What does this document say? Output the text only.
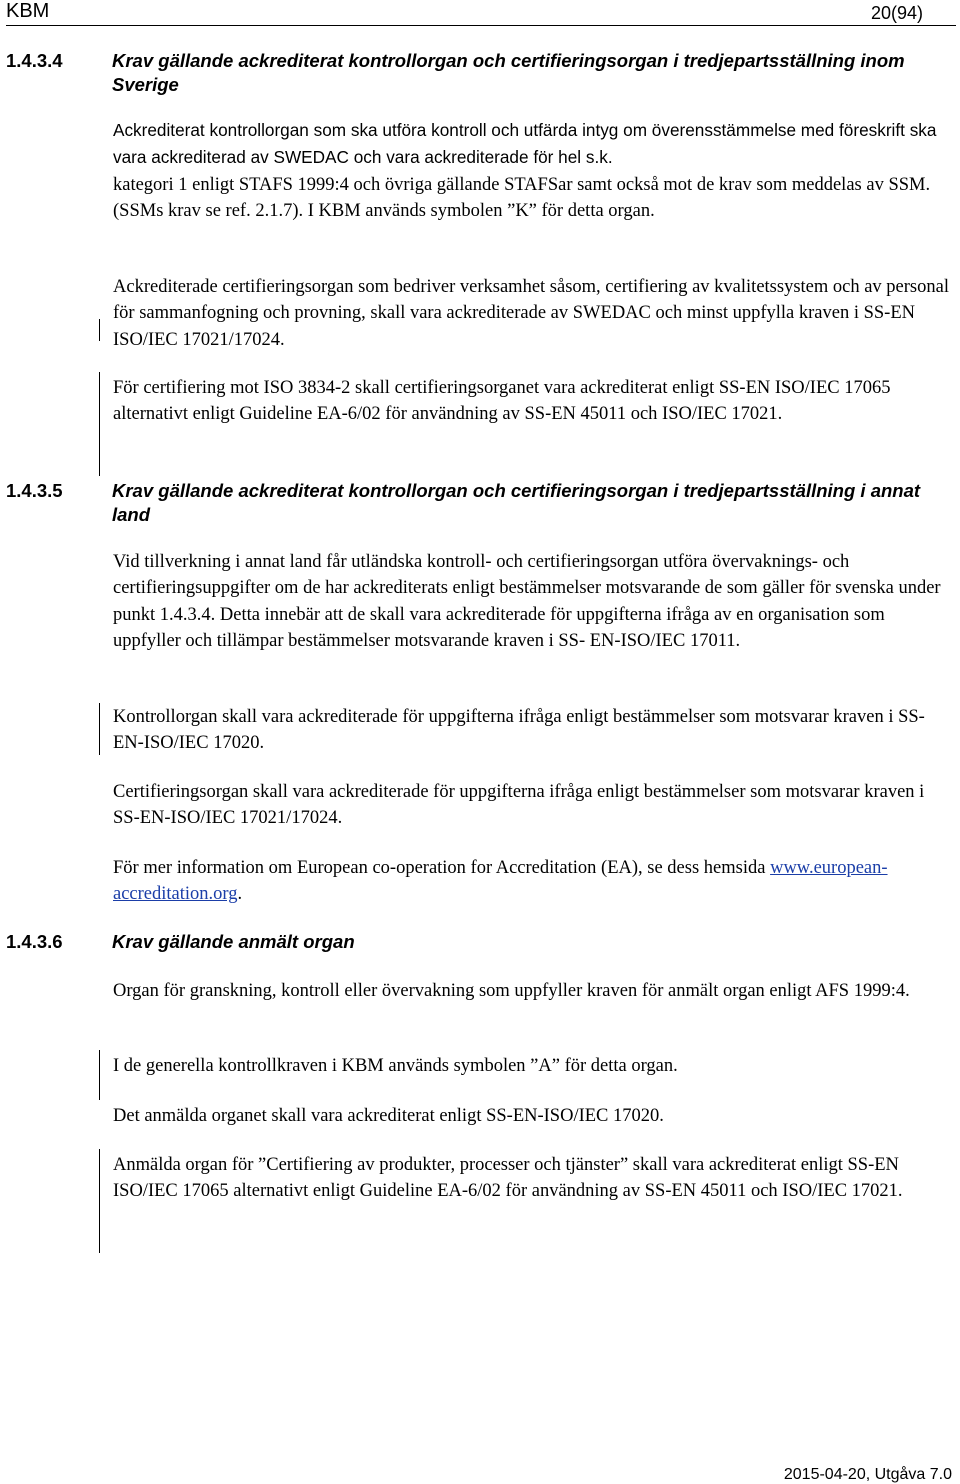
KBM	20(94)
1.4.3.4	Krav gällande ackrediterat kontrollorgan och certifieringsorgan i tredjepartsställning inom Sverige
Ackrediterat kontrollorgan som ska utföra kontroll och utfärda intyg om överensstämmelse med föreskrift ska vara ackrediterad av SWEDAC och vara ackrediterade för hel s.k.
kategori 1 enligt STAFS 1999:4 och övriga gällande STAFSar samt också mot de krav som meddelas av SSM. (SSMs krav se ref. 2.1.7). I KBM används symbolen ”K” för detta organ.

Ackrediterade certifieringsorgan som bedriver verksamhet såsom, certifiering av kvalitetssystem och av personal för sammanfogning och provning, skall vara ackrediterade av SWEDAC och minst uppfylla kraven i SS-EN ISO/IEC 17021/17024.

För certifiering mot ISO 3834-2 skall certifieringsorganet vara ackrediterat enligt SS-EN ISO/IEC 17065 alternativt enligt Guideline EA-6/02 för användning av SS-EN 45011 och ISO/IEC 17021.

1.4.3.5	Krav gällande ackrediterat kontrollorgan och certifieringsorgan i tredjepartsställning i annat land

Vid tillverkning i annat land får utländska kontroll- och certifieringsorgan utföra övervaknings- och certifieringsuppgifter om de har ackrediterats enligt bestämmelser motsvarande de som gäller för svenska under punkt 1.4.3.4. Detta innebär att de skall vara ackrediterade för uppgifterna ifråga av en organisation som uppfyller och tillämpar bestämmelser motsvarande kraven i SS- EN-ISO/IEC 17011.

Kontrollorgan skall vara ackrediterade för uppgifterna ifråga enligt bestämmelser som motsvarar kraven i SS-EN-ISO/IEC 17020.

Certifieringsorgan skall vara ackrediterade för uppgifterna ifråga enligt bestämmelser som motsvarar kraven i SS-EN-ISO/IEC 17021/17024.

För mer information om European co-operation for Accreditation (EA), se dess hemsida www.european-accreditation.org.

1.4.3.6	Krav gällande anmält organ

Organ för granskning, kontroll eller övervakning som uppfyller kraven för anmält organ enligt AFS 1999:4.

I de generella kontrollkraven i KBM används symbolen ”A” för detta organ.

Det anmälda organet skall vara ackrediterat enligt SS-EN-ISO/IEC 17020.

Anmälda organ för ”Certifiering av produkter, processer och tjänster” skall vara ackrediterat enligt SS-EN ISO/IEC 17065 alternativt enligt Guideline EA-6/02 för användning av SS-EN 45011 och ISO/IEC 17021.

2015-04-20, Utgåva 7.0
